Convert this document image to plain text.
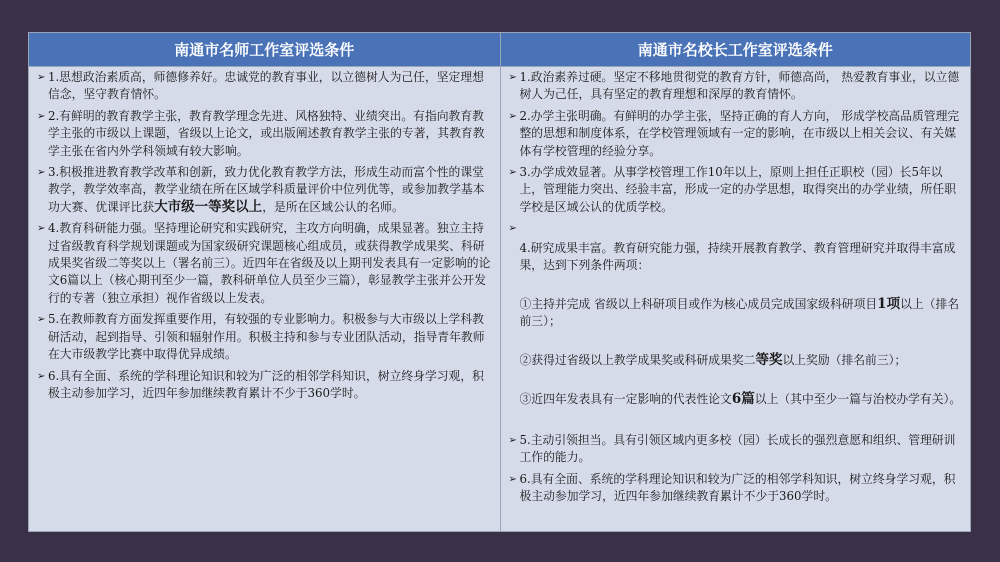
南通市名师工作室评选条件
➢ 1.思想政治素质高，师德修养好。忠诚党的教育事业，以立德树人为己任，坚定理想信念，坚守教育情怀。
➢ 2.有鲜明的教育教学主张，教育教学理念先进、风格独特、业绩突出。有指向教育教学主张的市级以上课题，省级以上论文，或出版阐述教育教学主张的专著，其教育教学主张在省内外学科领域有较大影响。
➢ 3.积极推进教育教学改革和创新，致力优化教育教学方法，形成生动而富个性的课堂教学，教学效率高，教学业绩在所在区域学科质量评价中位列优等，或参加教学基本功大赛、优课评比获大市级一等奖以上，是所在区域公认的名师。
➢ 4.教育科研能力强。坚持理论研究和实践研究，主攻方向明确，成果显著。独立主持过省级教育科学规划课题或为国家级研究课题核心组成员，或获得教学成果奖、科研成果奖省级二等奖以上（署名前三）。近四年在省级及以上期刊发表具有一定影响的论文6篇以上（核心期刊至少一篇，教科研单位人员至少三篇），彰显教学主张并公开发行的专著（独立承担）视作省级以上发表。
➢ 5.在教师教育方面发挥重要作用，有较强的专业影响力。积极参与大市级以上学科教研活动，起到指导、引领和辐射作用。积极主持和参与专业团队活动，指导青年教师在大市级教学比赛中取得优异成绩。
➢ 6.具有全面、系统的学科理论知识和较为广泛的相邻学科知识，树立终身学习观，积极主动参加学习，近四年参加继续教育累计不少于360学时。
南通市名校长工作室评选条件
➢ 1.政治素养过硬。坚定不移地贯彻党的教育方针，师德高尚， 热爱教育事业，以立德树人为己任，具有坚定的教育理想和深厚的教育情怀。
➢ 2.办学主张明确。有鲜明的办学主张，坚持正确的育人方向， 形成学校高品质管理完整的思想和制度体系，在学校管理领域有一定的影响，在市级以上相关会议、有关媒体有学校管理的经验分享。
➢ 3.办学成效显著。从事学校管理工作10年以上，原则上担任正职校（园）长5年以上，管理能力突出、经验丰富，形成一定的办学思想，取得突出的办学业绩，所任职学校是区域公认的优质学校。
➢

4.研究成果丰富。教育研究能力强，持续开展教育教学、教育管理研究并取得丰富成果，达到下列条件两项：

①主持并完成 省级以上科研项目或作为核心成员完成国家级科研项目1项以上（排名前三）；

②获得过省级以上教学成果奖或科研成果奖二等奖以上奖励（排名前三）；

③近四年发表具有一定影响的代表性论文6篇以上（其中至少一篇与治校办学有关）。

➢ 5.主动引领担当。具有引领区域内更多校（园）长成长的强烈意愿和组织、管理研训工作的能力。
➢ 6.具有全面、系统的学科理论知识和较为广泛的相邻学科知识，树立终身学习观，积极主动参加学习，近四年参加继续教育累计不少于360学时。
